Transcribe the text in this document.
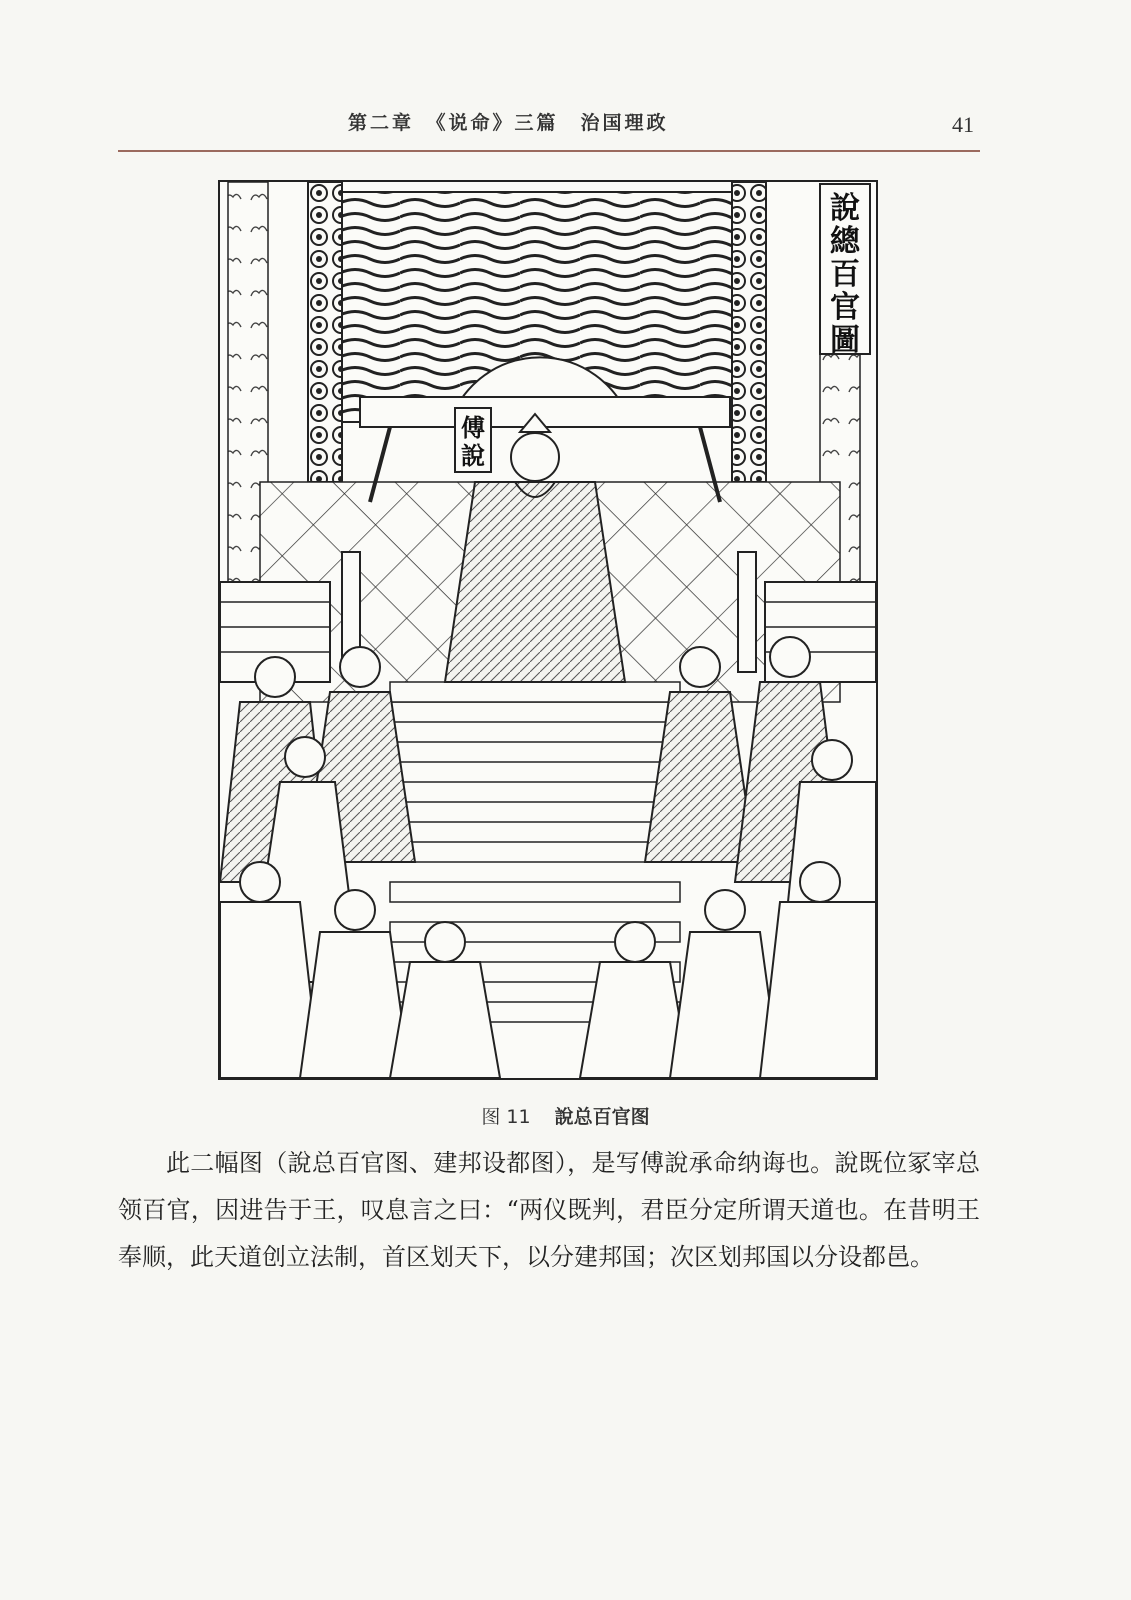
第二章　《说命》三篇　治国理政	41
說
總
百
官
圖
傅
說
图 11 說总百官图

此二幅图（說总百官图、建邦设都图），是写傅說承命纳诲也。說既位冢宰总领百官，因进告于王，叹息言之曰：“两仪既判，君臣分定所谓天道也。在昔明王奉顺，此天道创立法制，首区划天下，以分建邦国；次区划邦国以分设都邑。
